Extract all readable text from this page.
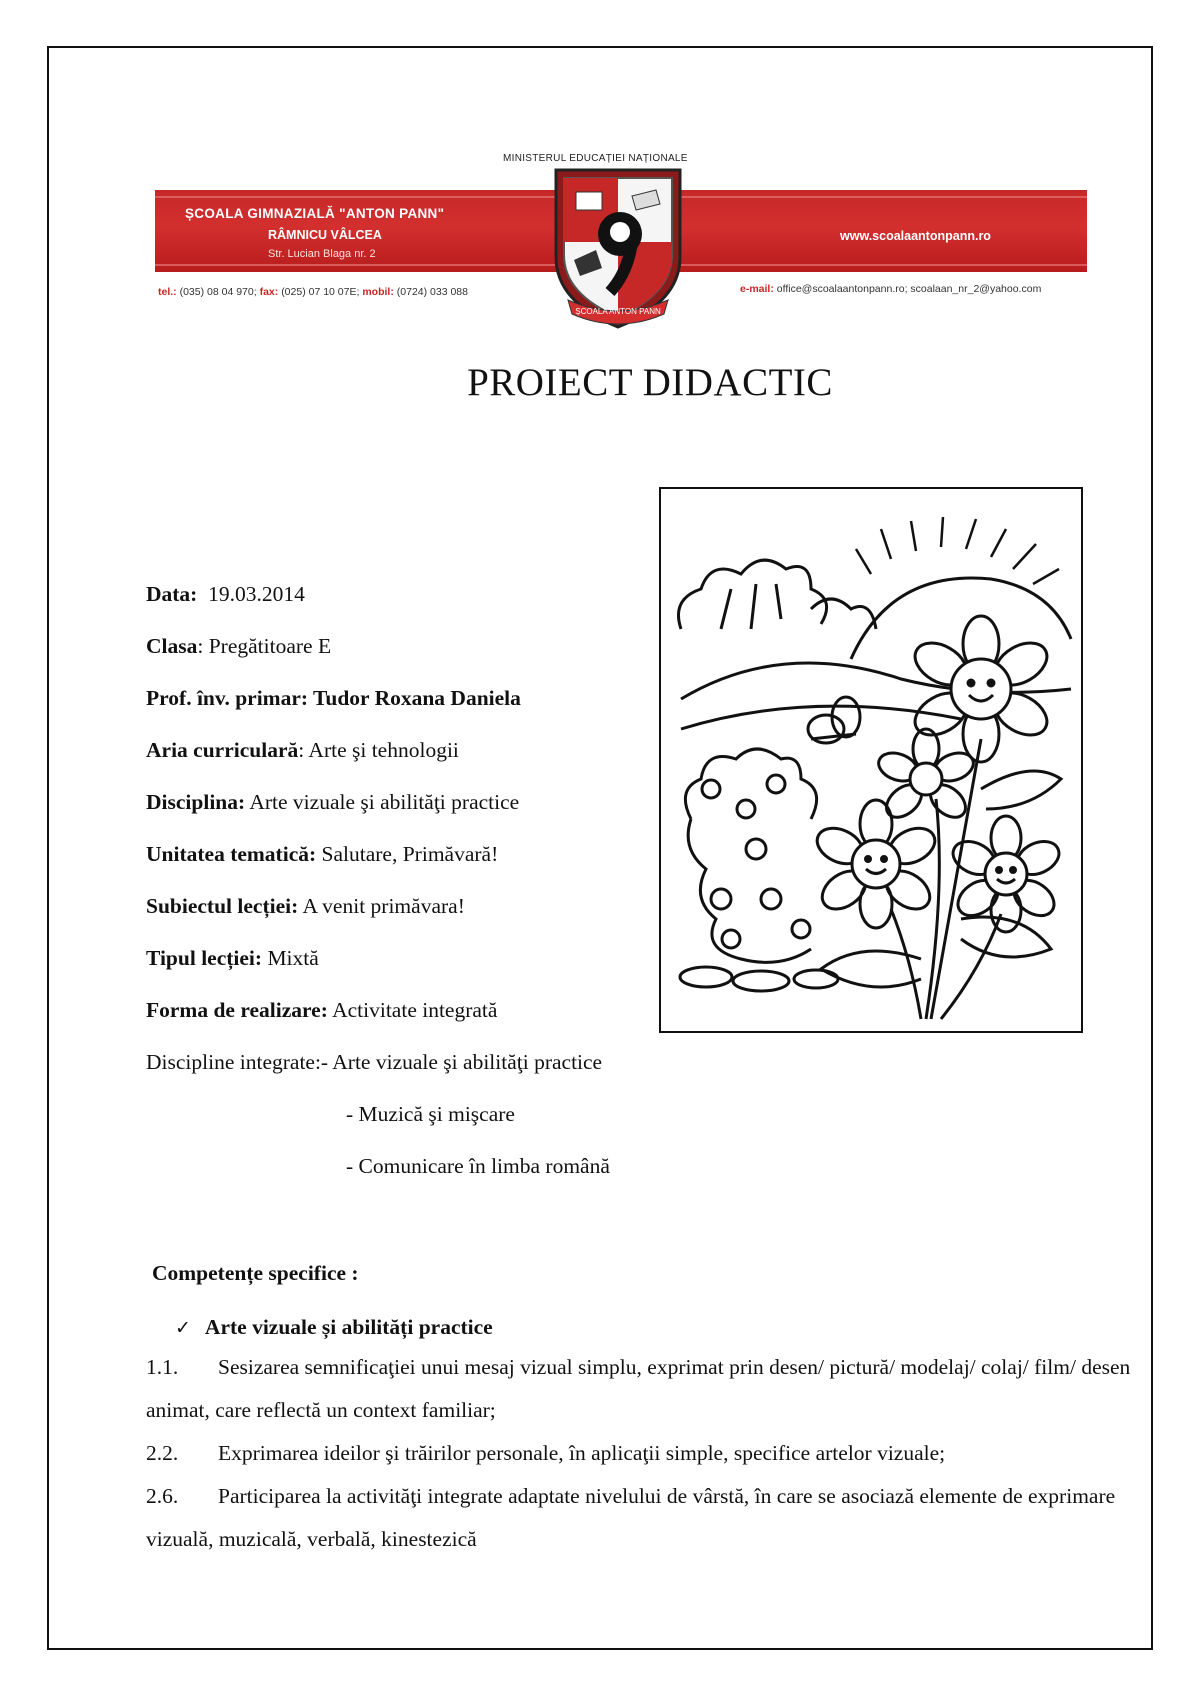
MINISTERUL EDUCAȚIEI NAȚIONALE
ȘCOALA GIMNAZIALĂ "ANTON PANN"
RÂMNICU VÂLCEA
Str. Lucian Blaga nr. 2
www.scoalaantonpann.ro
tel.: (035) 08 04 970; fax: (025) 07 10 07E; mobil: (0724) 033 088	e-mail: office@scoalaantonpann.ro; scoalaan_nr_2@yahoo.com
ȘCOALA ANTON PANN
PROIECT DIDACTIC
Data: 19.03.2014
Clasa: Pregătitoare E
Prof. înv. primar: Tudor Roxana Daniela
Aria curriculară: Arte şi tehnologii
Disciplina: Arte vizuale şi abilităţi practice
Unitatea tematică: Salutare, Primăvară!
Subiectul lecției: A venit primăvara!
Tipul lecției: Mixtă
Forma de realizare: Activitate integrată
Discipline integrate:- Arte vizuale şi abilităţi practice
- Muzică şi mişcare
- Comunicare în limba română
Competențe specifice :
✓ Arte vizuale și abilități practice
1.1. Sesizarea semnificaţiei unui mesaj vizual simplu, exprimat prin desen/ pictură/ modelaj/ colaj/ film/ desen animat, care reflectă un context familiar;
2.2. Exprimarea ideilor şi trăirilor personale, în aplicaţii simple, specifice artelor vizuale;
2.6. Participarea la activităţi integrate adaptate nivelului de vârstă, în care se asociază elemente de exprimare vizuală, muzicală, verbală, kinestezică
